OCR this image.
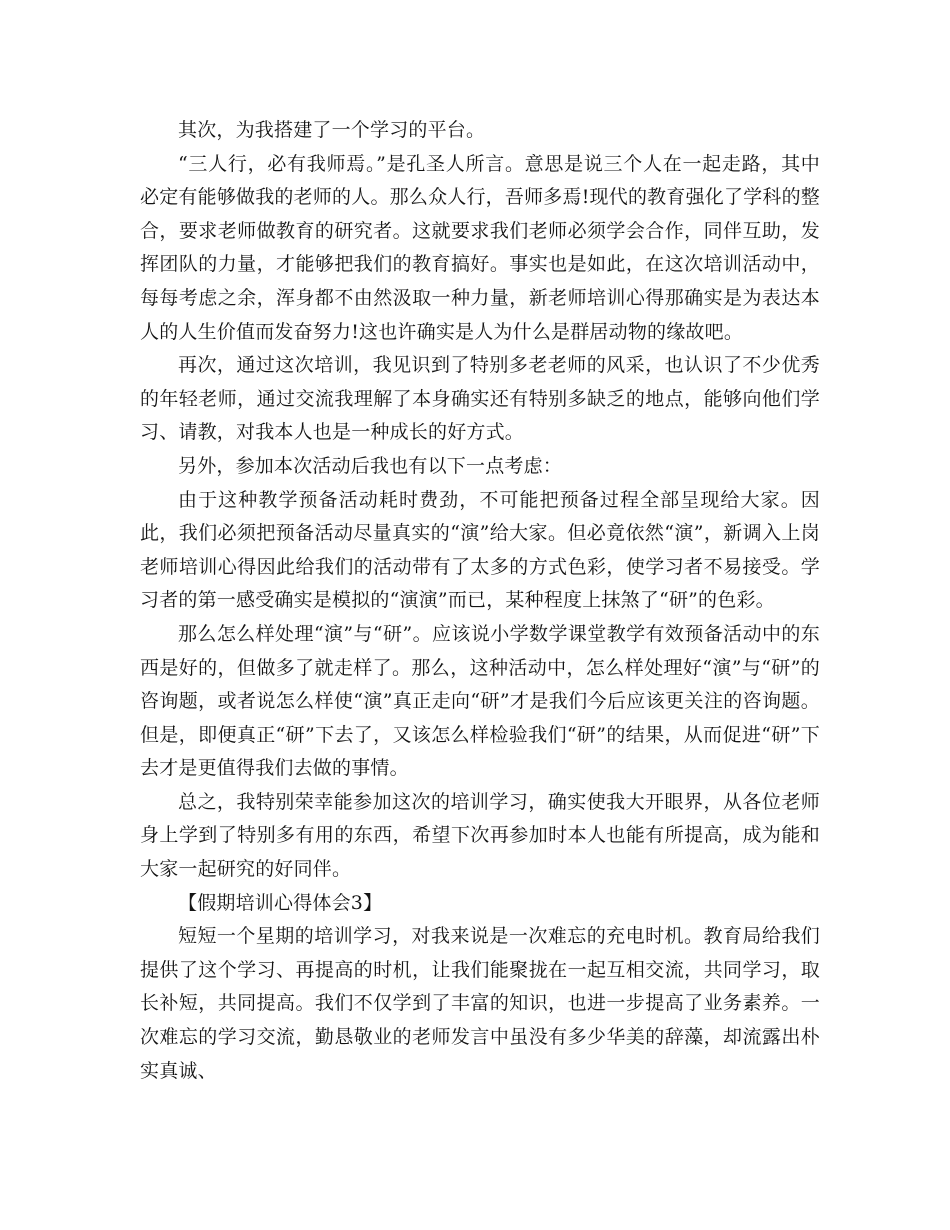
其次，为我搭建了一个学习的平台。

“三人行，必有我师焉。”是孔圣人所言。意思是说三个人在一起走路，其中必定有能够做我的老师的人。那么众人行，吾师多焉!现代的教育强化了学科的整合，要求老师做教育的研究者。这就要求我们老师必须学会合作，同伴互助，发挥团队的力量，才能够把我们的教育搞好。事实也是如此，在这次培训活动中，每每考虑之余，浑身都不由然汲取一种力量，新老师培训心得那确实是为表达本人的人生价值而发奋努力!这也许确实是人为什么是群居动物的缘故吧。

再次，通过这次培训，我见识到了特别多老老师的风采，也认识了不少优秀的年轻老师，通过交流我理解了本身确实还有特别多缺乏的地点，能够向他们学习、请教，对我本人也是一种成长的好方式。

另外，参加本次活动后我也有以下一点考虑：

由于这种教学预备活动耗时费劲，不可能把预备过程全部呈现给大家。因此，我们必须把预备活动尽量真实的“演”给大家。但必竟依然“演”，新调入上岗老师培训心得因此给我们的活动带有了太多的方式色彩，使学习者不易接受。学习者的第一感受确实是模拟的“演演”而已，某种程度上抹煞了“研”的色彩。

那么怎么样处理“演”与“研”。应该说小学数学课堂教学有效预备活动中的东西是好的，但做多了就走样了。那么，这种活动中，怎么样处理好“演”与“研”的咨询题，或者说怎么样使“演”真正走向“研”才是我们今后应该更关注的咨询题。但是，即便真正“研”下去了，又该怎么样检验我们“研”的结果，从而促进“研”下去才是更值得我们去做的事情。

总之，我特别荣幸能参加这次的培训学习，确实使我大开眼界，从各位老师身上学到了特别多有用的东西，希望下次再参加时本人也能有所提高，成为能和大家一起研究的好同伴。

【假期培训心得体会3】

短短一个星期的培训学习，对我来说是一次难忘的充电时机。教育局给我们提供了这个学习、再提高的时机，让我们能聚拢在一起互相交流，共同学习，取长补短，共同提高。我们不仅学到了丰富的知识，也进一步提高了业务素养。一次难忘的学习交流，勤恳敬业的老师发言中虽没有多少华美的辞藻，却流露出朴实真诚、
